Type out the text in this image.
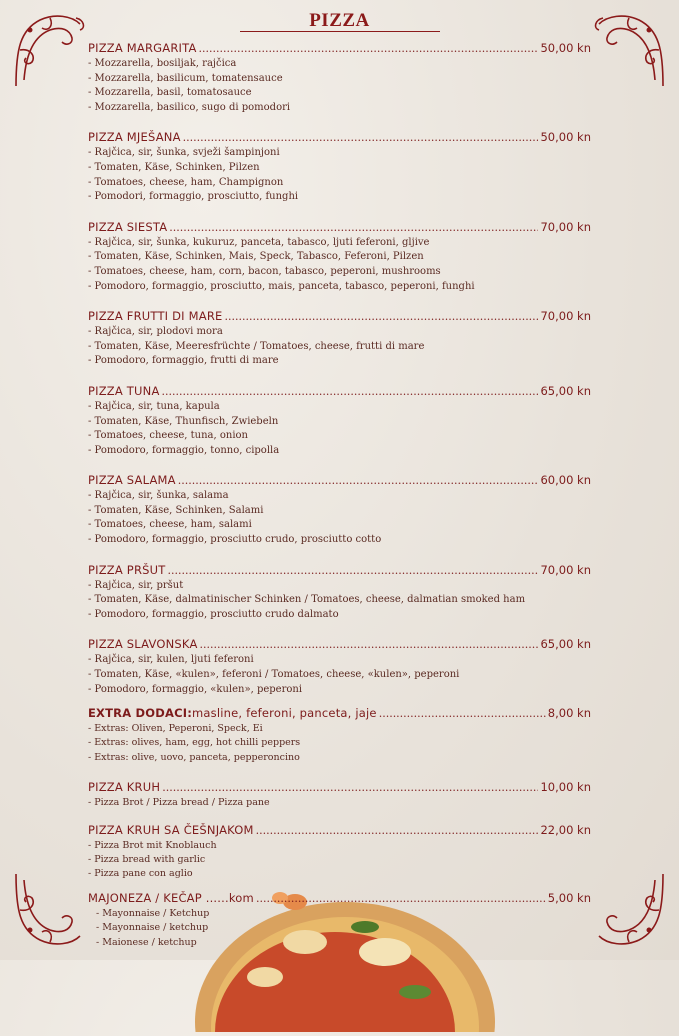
PIZZA
PIZZA MARGARITA .....	50,00 kn
- Mozzarella, bosiljak, rajčica
- Mozzarella, basilicum, tomatensauce
- Mozzarella, basil, tomatosauce
- Mozzarella, basilico, sugo di pomodori
PIZZA MJEŠANA .....	50,00 kn
- Rajčica, sir, šunka, svježi šampinjoni
- Tomaten, Käse, Schinken, Pilzen
- Tomatoes, cheese, ham, Champignon
- Pomodori, formaggio, prosciutto, funghi
PIZZA SIESTA .....	70,00 kn
- Rajčica, sir, šunka, kukuruz, panceta, tabasco, ljuti feferoni, gljive
- Tomaten, Käse, Schinken, Mais, Speck, Tabasco, Feferoni, Pilzen
- Tomatoes, cheese, ham, corn, bacon, tabasco, peperoni, mushrooms
- Pomodoro, formaggio, prosciutto, mais, panceta, tabasco, peperoni, funghi
PIZZA FRUTTI DI MARE .....	70,00 kn
- Rajčica, sir, plodovi mora
- Tomaten, Käse, Meeresfrüchte / Tomatoes, cheese, frutti di mare
- Pomodoro, formaggio, frutti di mare
PIZZA TUNA .....	65,00 kn
- Rajčica, sir, tuna, kapula
- Tomaten, Käse, Thunfisch, Zwiebeln
- Tomatoes, cheese, tuna, onion
- Pomodoro, formaggio, tonno, cipolla
PIZZA SALAMA .....	60,00 kn
- Rajčica, sir, šunka, salama
- Tomaten, Käse, Schinken, Salami
- Tomatoes, cheese, ham, salami
- Pomodoro, formaggio, prosciutto crudo, prosciutto cotto
PIZZA PRŠUT .....	70,00 kn
- Rajčica, sir, pršut
- Tomaten, Käse, dalmatinischer Schinken / Tomatoes, cheese, dalmatian smoked ham
- Pomodoro, formaggio, prosciutto crudo dalmato
PIZZA SLAVONSKA .....	65,00 kn
- Rajčica, sir, kulen, ljuti feferoni
- Tomaten, Käse, «kulen», feferoni / Tomatoes, cheese, «kulen», peperoni
- Pomodoro, formaggio, «kulen», peperoni
EXTRA DODACI: masline, feferoni, panceta, jaje .....	8,00 kn
- Extras: Oliven, Peperoni, Speck, Ei
- Extras: olives, ham, egg, hot chilli peppers
- Extras: olive, uovo, panceta, pepperoncino
PIZZA KRUH .....	10,00 kn
- Pizza Brot / Pizza bread / Pizza pane
PIZZA KRUH SA ČEŠNJAKOM .....	22,00 kn
- Pizza Brot mit Knoblauch
- Pizza bread with garlic
- Pizza pane con aglio
MAJONEZA / KEČAP ......kom .....	5,00 kn
- Mayonnaise / Ketchup
- Mayonnaise / ketchup
- Maionese / ketchup
